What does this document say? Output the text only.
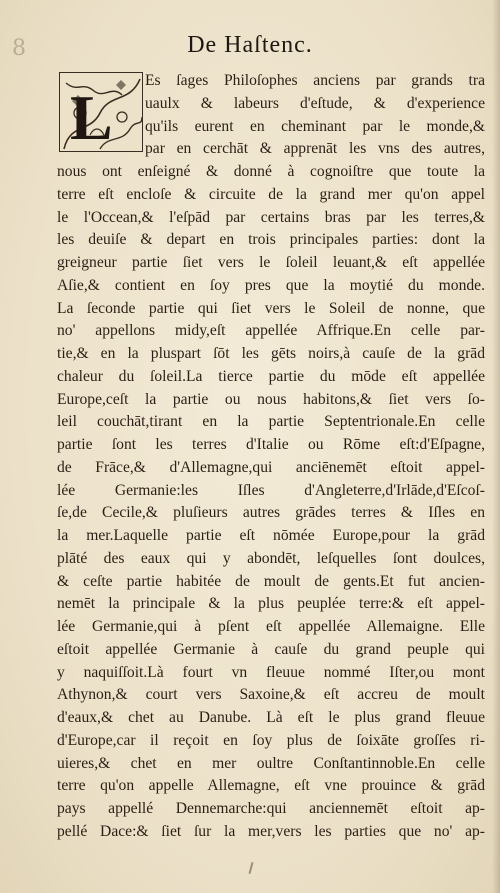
8	De Haſtenc.
L
Es ſages Philoſophes anciens par grands tra
uaulx & labeurs d'eſtude, & d'experience
qu'ils eurent en cheminant par le monde,&
par en cerchāt & apprenāt les vns des autres,
nous ont enſeigné & donné à cognoiſtre que toute la
terre eſt encloſe & circuite de la grand mer qu'on appel
le l'Occean,& l'eſpād par certains bras par les terres,&
les deuiſe & depart en trois principales parties: dont la
greigneur partie ſiet vers le ſoleil leuant,& eſt appellée
Aſie,& contient en ſoy pres que la moytié du monde.
La ſeconde partie qui ſiet vers le Soleil de nonne, que
no' appellons midy,eſt appellée Affrique.En celle par-
tie,& en la pluspart ſōt les gēts noirs,à cauſe de la grād
chaleur du ſoleil.La tierce partie du mōde eſt appellée
Europe,ceſt la partie ou nous habitons,& ſiet vers ſo-
leil couchāt,tirant en la partie Septentrionale.En celle
partie ſont les terres d'Italie ou Rōme eſt:d'Eſpagne,
de Frāce,& d'Allemagne,qui anciēnemēt eſtoit appel-
lée Germanie:les Iſles d'Angleterre,d'Irlāde,d'Eſcoſ-
ſe,de Cecile,& pluſieurs autres grādes terres & Iſles en
la mer.Laquelle partie eſt nōmée Europe,pour la grād
plāté des eaux qui y abondēt, leſquelles ſont doulces,
& ceſte partie habitée de moult de gents.Et fut ancien-
nemēt la principale & la plus peuplée terre:& eſt appel-
lée Germanie,qui à pſent eſt appellée Allemaigne. Elle
eſtoit appellée Germanie à cauſe du grand peuple qui
y naquiſſoit.Là fourt vn fleuue nommé Iſter,ou mont
Athynon,& court vers Saxoine,& eſt accreu de moult
d'eaux,& chet au Danube. Là eſt le plus grand fleuue
d'Europe,car il reçoit en ſoy plus de ſoixāte groſſes ri-
uieres,& chet en mer oultre Conſtantinnoble.En celle
terre qu'on appelle Allemagne, eſt vne prouince & grād
pays appellé Dennemarche:qui anciennemēt eſtoit ap-
pellé Dace:& ſiet ſur la mer,vers les parties que no' ap-
